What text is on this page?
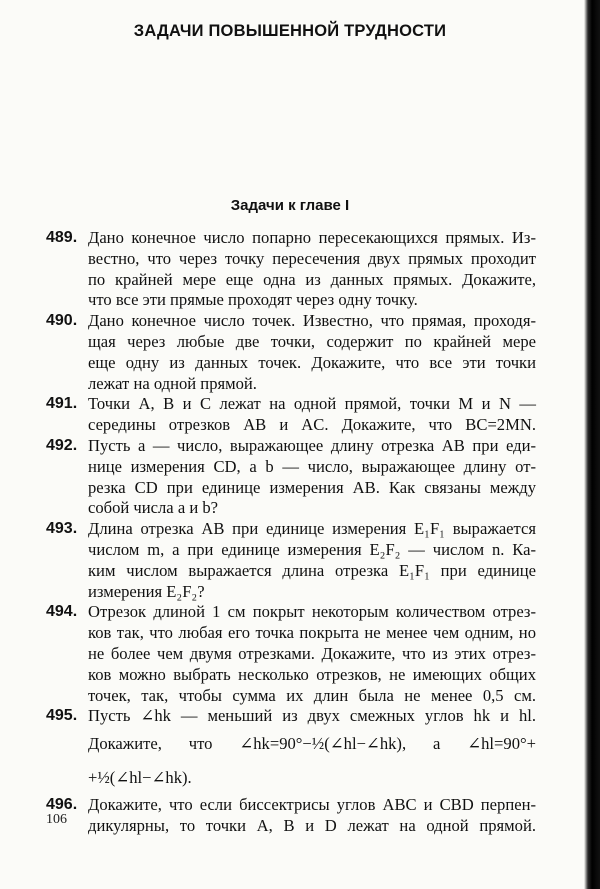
ЗАДАЧИ ПОВЫШЕННОЙ ТРУДНОСТИ
Задачи к главе I
489. Дано конечное число попарно пересекающихся прямых. Из-
вестно, что через точку пересечения двух прямых проходит
по крайней мере еще одна из данных прямых. Докажите,
что все эти прямые проходят через одну точку.
490. Дано конечное число точек. Известно, что прямая, проходя-
щая через любые две точки, содержит по крайней мере
еще одну из данных точек. Докажите, что все эти точки
лежат на одной прямой.
491. Точки A, B и C лежат на одной прямой, точки M и N —
середины отрезков AB и AC. Докажите, что BC=2MN.
492. Пусть a — число, выражающее длину отрезка AB при еди-
нице измерения CD, а b — число, выражающее длину от-
резка CD при единице измерения AB. Как связаны между
собой числа a и b?
493. Длина отрезка AB при единице измерения E₁F₁ выражается
числом m, а при единице измерения E₂F₂ — числом n. Ка-
ким числом выражается длина отрезка E₁F₁ при единице
измерения E₂F₂?
494. Отрезок длиной 1 см покрыт некоторым количеством отрез-
ков так, что любая его точка покрыта не менее чем одним, но
не более чем двумя отрезками. Докажите, что из этих отрез-
ков можно выбрать несколько отрезков, не имеющих общих
точек, так, чтобы сумма их длин была не менее 0,5 см.
495. Пусть ∠hk — меньший из двух смежных углов hk и hl.
Докажите, что ∠hk=90°−½(∠hl−∠hk), а ∠hl=90°+
+½(∠hl−∠hk).
496. Докажите, что если биссектрисы углов ABC и CBD перпен-
дикулярны, то точки A, B и D лежат на одной прямой.
106
